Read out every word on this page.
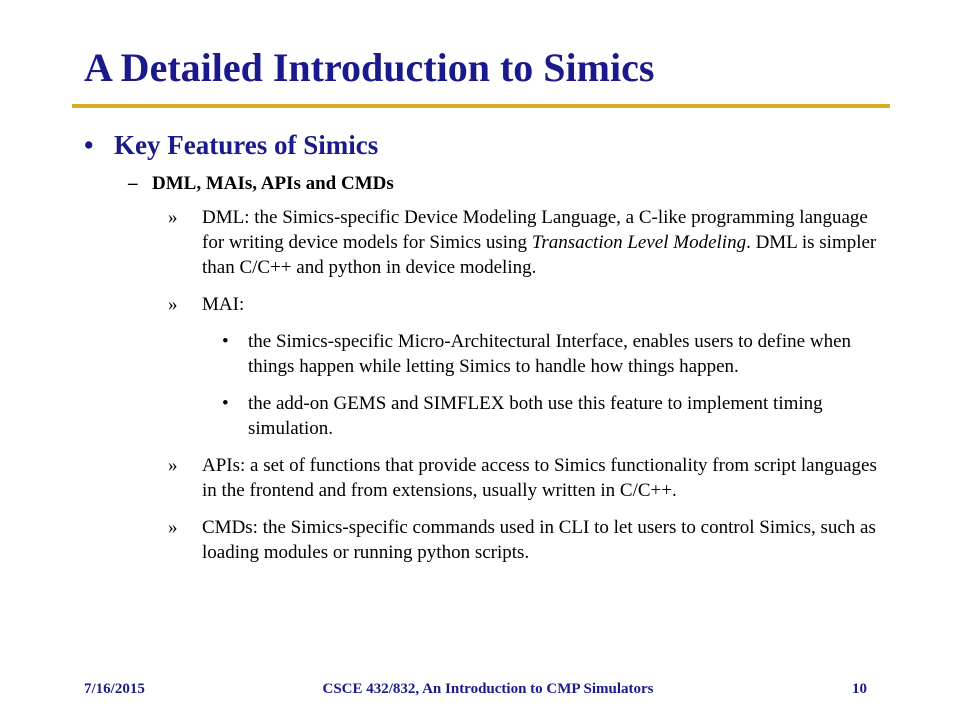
A Detailed Introduction to Simics
• Key Features of Simics
– DML, MAIs, APIs and CMDs
»	DML: the Simics-specific Device Modeling Language, a C-like programming language for writing device models for Simics using Transaction Level Modeling. DML is simpler than C/C++ and python in device modeling.
»	MAI:
•	the Simics-specific Micro-Architectural Interface, enables users to define when things happen while letting Simics to handle how things happen.
•	the add-on GEMS and SIMFLEX both use this feature to implement timing simulation.
»	APIs: a set of functions that provide access to Simics functionality from script languages in the frontend and from extensions, usually written in C/C++.
»	CMDs: the Simics-specific commands used in CLI to let users to control Simics, such as loading modules or running python scripts.
7/16/2015	CSCE 432/832, An Introduction to CMP Simulators	10
